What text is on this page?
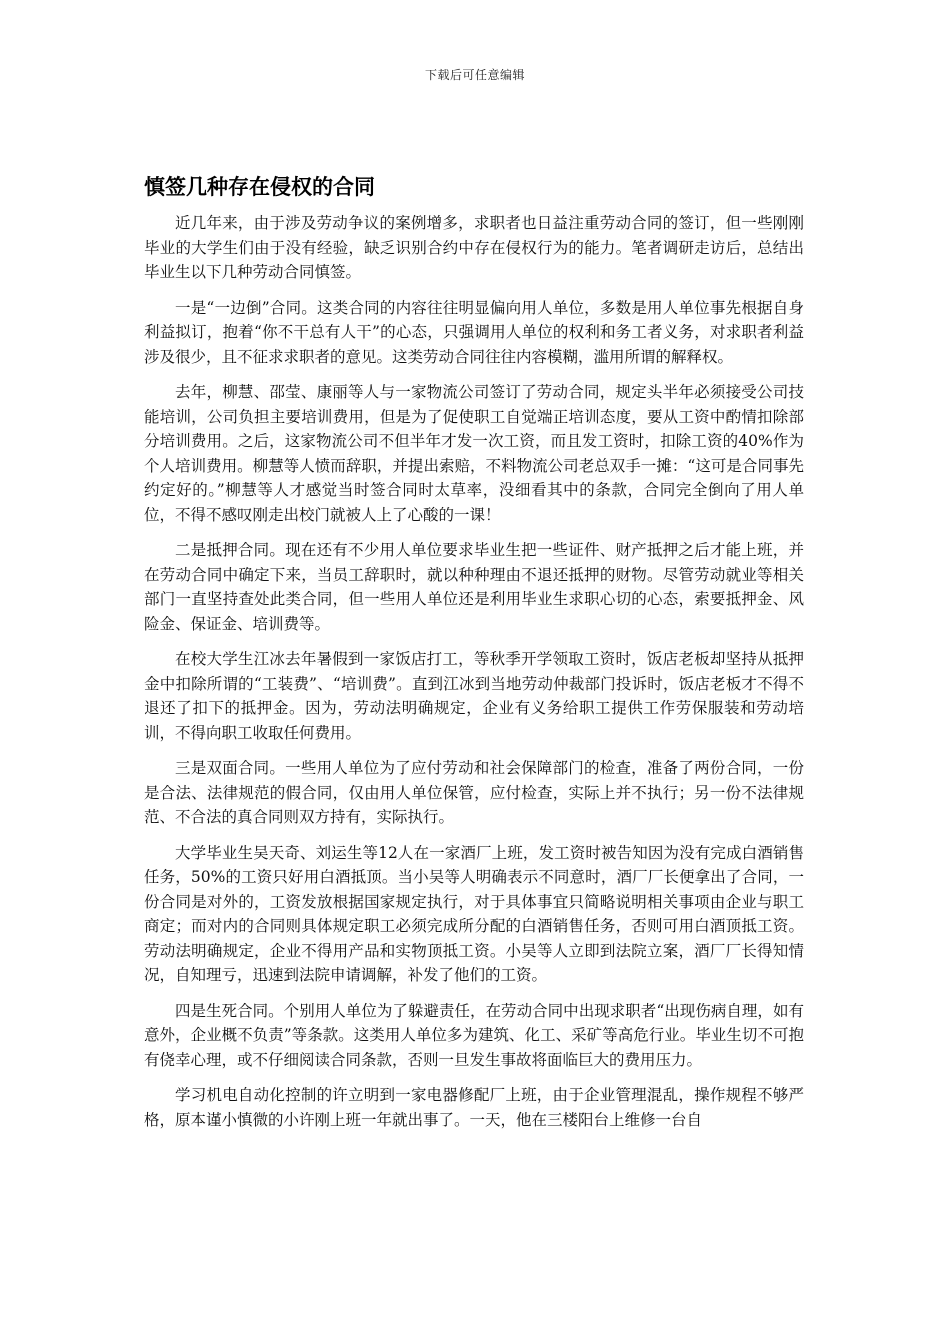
下载后可任意编辑
慎签几种存在侵权的合同

近几年来，由于涉及劳动争议的案例增多，求职者也日益注重劳动合同的签订，但一些刚刚毕业的大学生们由于没有经验，缺乏识别合约中存在侵权行为的能力。笔者调研走访后，总结出毕业生以下几种劳动合同慎签。

一是“一边倒”合同。这类合同的内容往往明显偏向用人单位，多数是用人单位事先根据自身利益拟订，抱着“你不干总有人干”的心态，只强调用人单位的权利和务工者义务，对求职者利益涉及很少，且不征求求职者的意见。这类劳动合同往往内容模糊，滥用所谓的解释权。

去年，柳慧、邵莹、康丽等人与一家物流公司签订了劳动合同，规定头半年必须接受公司技能培训，公司负担主要培训费用，但是为了促使职工自觉端正培训态度，要从工资中酌情扣除部分培训费用。之后，这家物流公司不但半年才发一次工资，而且发工资时，扣除工资的40%作为个人培训费用。柳慧等人愤而辞职，并提出索赔，不料物流公司老总双手一摊：“这可是合同事先约定好的。”柳慧等人才感觉当时签合同时太草率，没细看其中的条款，合同完全倒向了用人单位，不得不感叹刚走出校门就被人上了心酸的一课！

二是抵押合同。现在还有不少用人单位要求毕业生把一些证件、财产抵押之后才能上班，并在劳动合同中确定下来，当员工辞职时，就以种种理由不退还抵押的财物。尽管劳动就业等相关部门一直坚持查处此类合同，但一些用人单位还是利用毕业生求职心切的心态，索要抵押金、风险金、保证金、培训费等。

在校大学生江冰去年暑假到一家饭店打工，等秋季开学领取工资时，饭店老板却坚持从抵押金中扣除所谓的“工装费”、“培训费”。直到江冰到当地劳动仲裁部门投诉时，饭店老板才不得不退还了扣下的抵押金。因为，劳动法明确规定，企业有义务给职工提供工作劳保服装和劳动培训，不得向职工收取任何费用。

三是双面合同。一些用人单位为了应付劳动和社会保障部门的检查，准备了两份合同，一份是合法、法律规范的假合同，仅由用人单位保管，应付检查，实际上并不执行；另一份不法律规范、不合法的真合同则双方持有，实际执行。

大学毕业生吴天奇、刘运生等12人在一家酒厂上班，发工资时被告知因为没有完成白酒销售任务，50%的工资只好用白酒抵顶。当小吴等人明确表示不同意时，酒厂厂长便拿出了合同，一份合同是对外的，工资发放根据国家规定执行，对于具体事宜只简略说明相关事项由企业与职工商定；而对内的合同则具体规定职工必须完成所分配的白酒销售任务，否则可用白酒顶抵工资。劳动法明确规定，企业不得用产品和实物顶抵工资。小吴等人立即到法院立案，酒厂厂长得知情况，自知理亏，迅速到法院申请调解，补发了他们的工资。

四是生死合同。个别用人单位为了躲避责任，在劳动合同中出现求职者“出现伤病自理，如有意外，企业概不负责”等条款。这类用人单位多为建筑、化工、采矿等高危行业。毕业生切不可抱有侥幸心理，或不仔细阅读合同条款，否则一旦发生事故将面临巨大的费用压力。

学习机电自动化控制的许立明到一家电器修配厂上班，由于企业管理混乱，操作规程不够严格，原本谨小慎微的小许刚上班一年就出事了。一天，他在三楼阳台上维修一台自
